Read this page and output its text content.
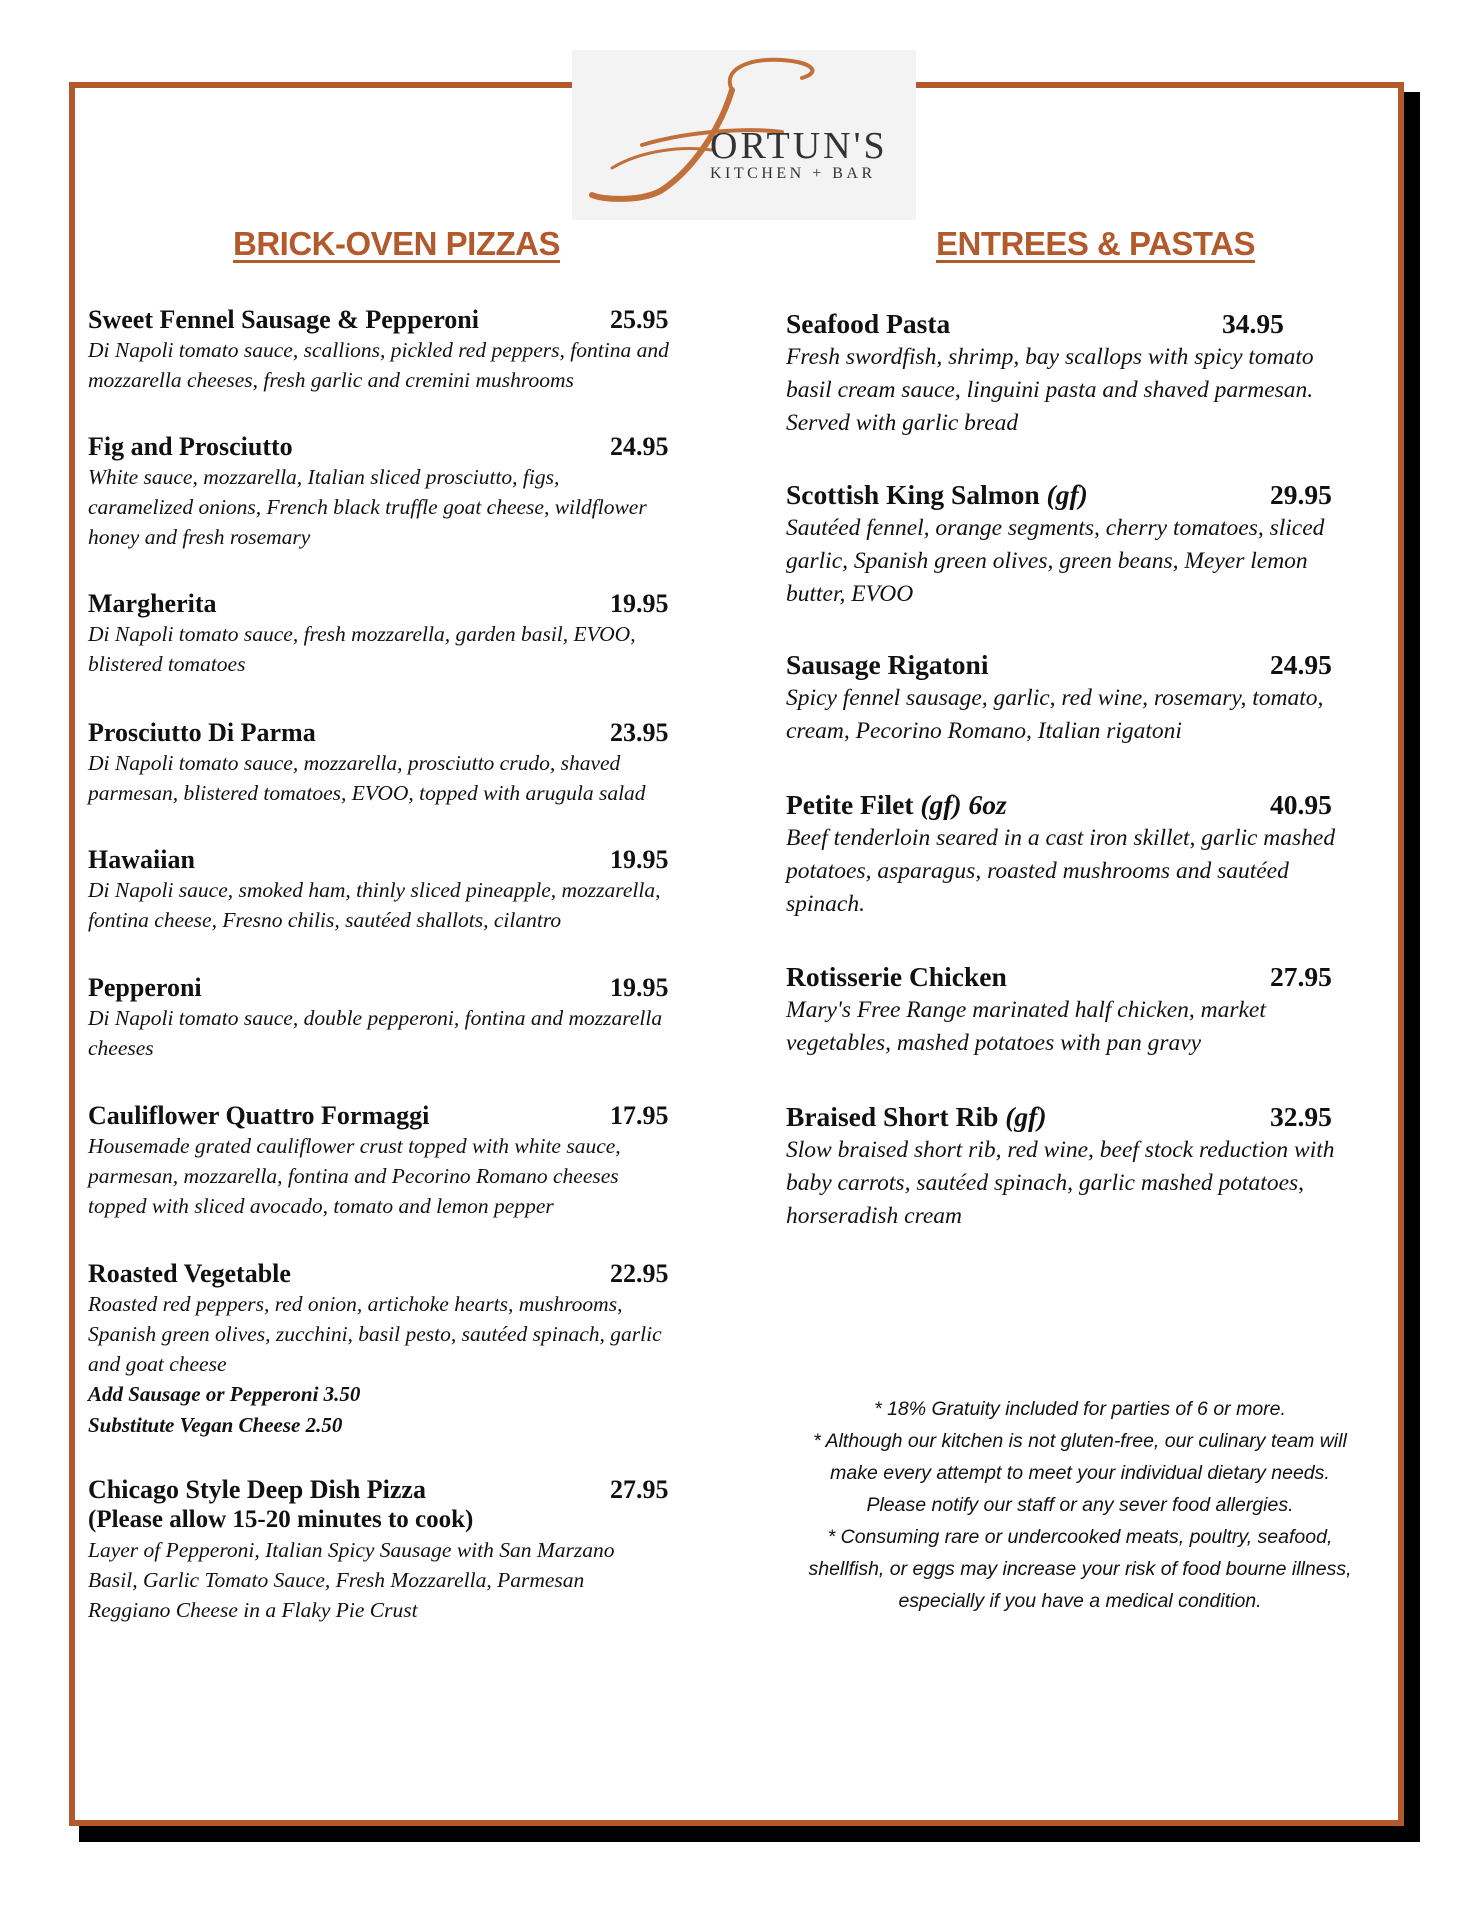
ORTUN'S
KITCHEN + BAR
BRICK-OVEN PIZZAS	ENTREES & PASTAS
Sweet Fennel Sausage & Pepperoni	25.95
Di Napoli tomato sauce, scallions, pickled red peppers, fontina and
mozzarella cheeses, fresh garlic and cremini mushrooms
Fig and Prosciutto	24.95
White sauce, mozzarella, Italian sliced prosciutto, figs,
caramelized onions, French black truffle goat cheese, wildflower
honey and fresh rosemary
Margherita	19.95
Di Napoli tomato sauce, fresh mozzarella, garden basil, EVOO,
blistered tomatoes
Prosciutto Di Parma	23.95
Di Napoli tomato sauce, mozzarella, prosciutto crudo, shaved
parmesan, blistered tomatoes, EVOO, topped with arugula salad
Hawaiian	19.95
Di Napoli sauce, smoked ham, thinly sliced pineapple, mozzarella,
fontina cheese, Fresno chilis, sautéed shallots, cilantro
Pepperoni	19.95
Di Napoli tomato sauce, double pepperoni, fontina and mozzarella
cheeses
Cauliflower Quattro Formaggi	17.95
Housemade grated cauliflower crust topped with white sauce,
parmesan, mozzarella, fontina and Pecorino Romano cheeses
topped with sliced avocado, tomato and lemon pepper
Roasted Vegetable	22.95
Roasted red peppers, red onion, artichoke hearts, mushrooms,
Spanish green olives, zucchini, basil pesto, sautéed spinach, garlic
and goat cheese
Add Sausage or Pepperoni 3.50
Substitute Vegan Cheese 2.50
Chicago Style Deep Dish Pizza	27.95
(Please allow 15-20 minutes to cook)
Layer of Pepperoni, Italian Spicy Sausage with San Marzano
Basil, Garlic Tomato Sauce, Fresh Mozzarella, Parmesan
Reggiano Cheese in a Flaky Pie Crust
Seafood Pasta	34.95
Fresh swordfish, shrimp, bay scallops with spicy tomato
basil cream sauce, linguini pasta and shaved parmesan.
Served with garlic bread
Scottish King Salmon (gf)	29.95
Sautéed fennel, orange segments, cherry tomatoes, sliced
garlic, Spanish green olives, green beans, Meyer lemon
butter, EVOO
Sausage Rigatoni	24.95
Spicy fennel sausage, garlic, red wine, rosemary, tomato,
cream, Pecorino Romano, Italian rigatoni
Petite Filet (gf) 6oz	40.95
Beef tenderloin seared in a cast iron skillet, garlic mashed
potatoes, asparagus, roasted mushrooms and sautéed
spinach.
Rotisserie Chicken	27.95
Mary's Free Range marinated half chicken, market
vegetables, mashed potatoes with pan gravy
Braised Short Rib (gf)	32.95
Slow braised short rib, red wine, beef stock reduction with
baby carrots, sautéed spinach, garlic mashed potatoes,
horseradish cream
* 18% Gratuity included for parties of 6 or more.
* Although our kitchen is not gluten-free, our culinary team will
make every attempt to meet your individual dietary needs.
Please notify our staff or any sever food allergies.
* Consuming rare or undercooked meats, poultry, seafood,
shellfish, or eggs may increase your risk of food bourne illness,
especially if you have a medical condition.
